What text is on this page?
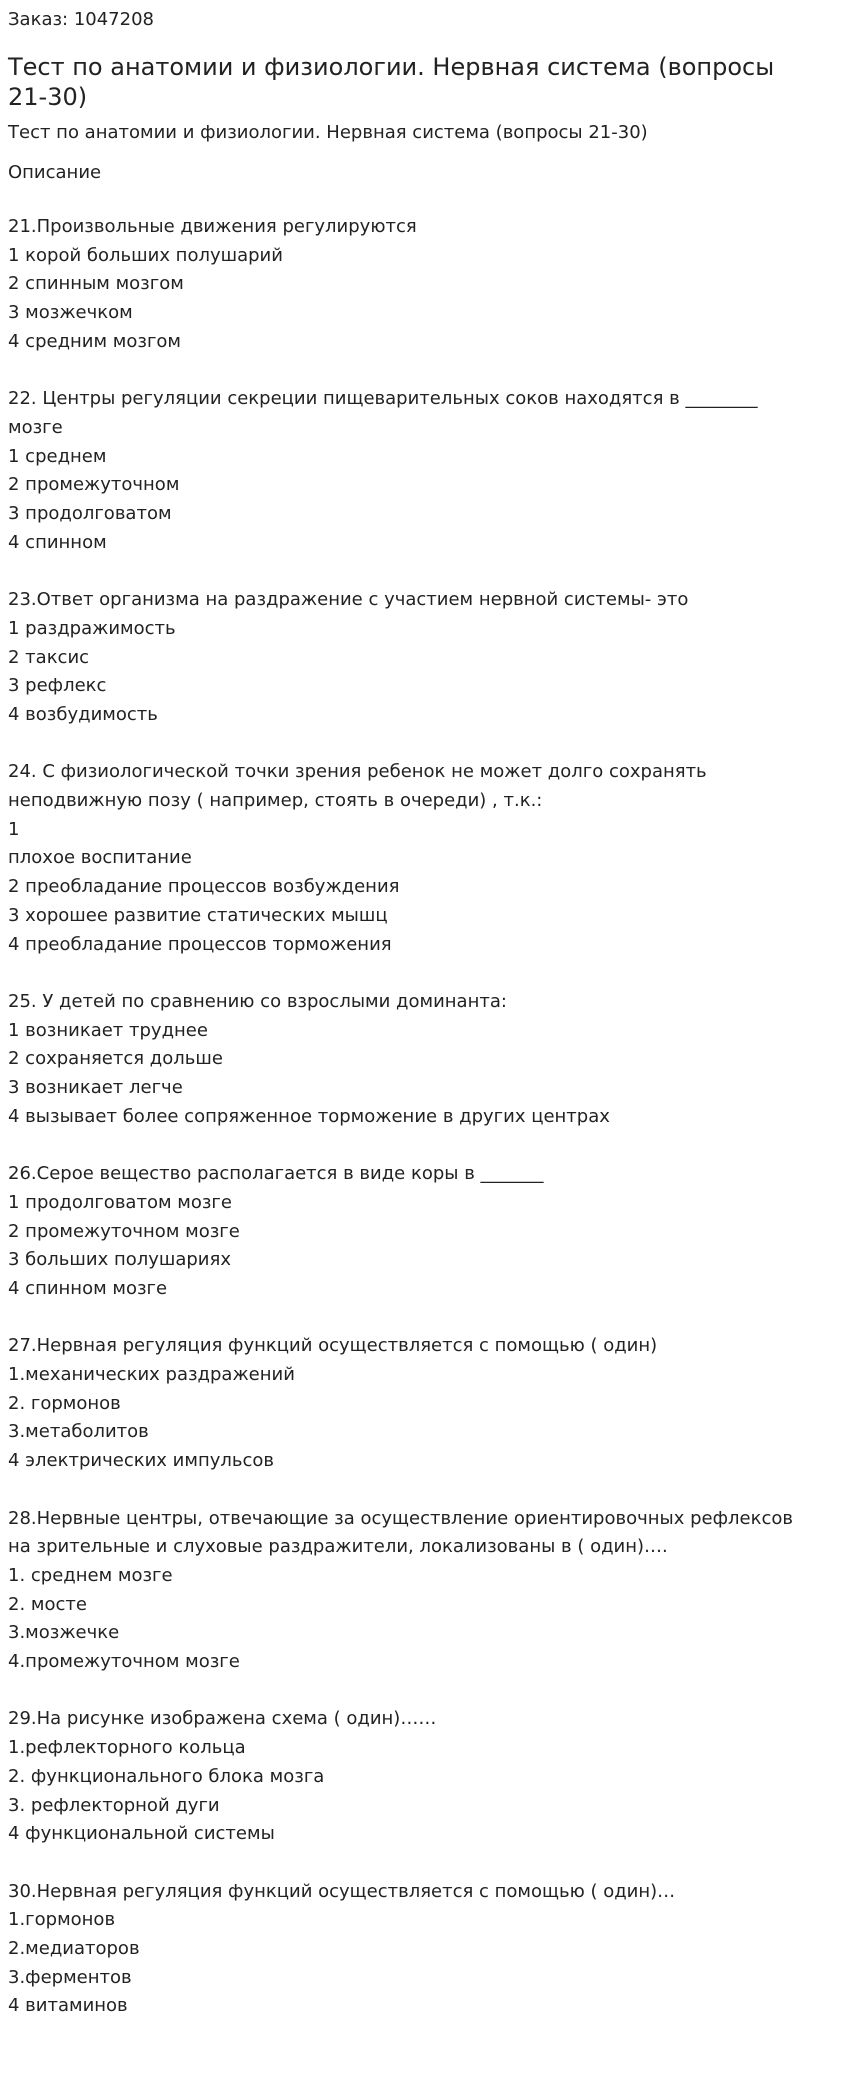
Заказ: 1047208
Тест по анатомии и физиологии. Нервная система (вопросы 21-30)
Тест по анатомии и физиологии. Нервная система (вопросы 21-30)
Описание

21.Произвольные движения регулируются

1 корой больших полушарий

2 спинным мозгом

3 мозжечком

4 средним мозгом

22. Центры регуляции секреции пищеварительных соков находятся в ________

мозге

1 среднем

2 промежуточном

3 продолговатом

4 спинном

23.Ответ организма на раздражение с участием нервной системы- это

1 раздражимость

2 таксис

3 рефлекс

4 возбудимость

24. С физиологической точки зрения ребенок не может долго сохранять

неподвижную позу ( например, стоять в очереди) , т.к.:

1

плохое воспитание

2 преобладание процессов возбуждения

3 хорошее развитие статических мышц

4 преобладание процессов торможения

25. У детей по сравнению со взрослыми доминанта:

1 возникает труднее

2 сохраняется дольше

3 возникает легче

4 вызывает более сопряженное торможение в других центрах

26.Серое вещество располагается в виде коры в _______

1 продолговатом мозге

2 промежуточном мозге

3 больших полушариях

4 спинном мозге

27.Нервная регуляция функций осуществляется с помощью ( один)

1.механических раздражений

2. гормонов

3.метаболитов

4 электрических импульсов

28.Нервные центры, отвечающие за осуществление ориентировочных рефлексов

на зрительные и слуховые раздражители, локализованы в ( один)….

1. среднем мозге

2. мосте

3.мозжечке

4.промежуточном мозге

29.На рисунке изображена схема ( один)……

1.рефлекторного кольца

2. функционального блока мозга

3. рефлекторной дуги

4 функциональной системы

30.Нервная регуляция функций осуществляется с помощью ( один)…

1.гормонов

2.медиаторов

3.ферментов

4 витаминов
